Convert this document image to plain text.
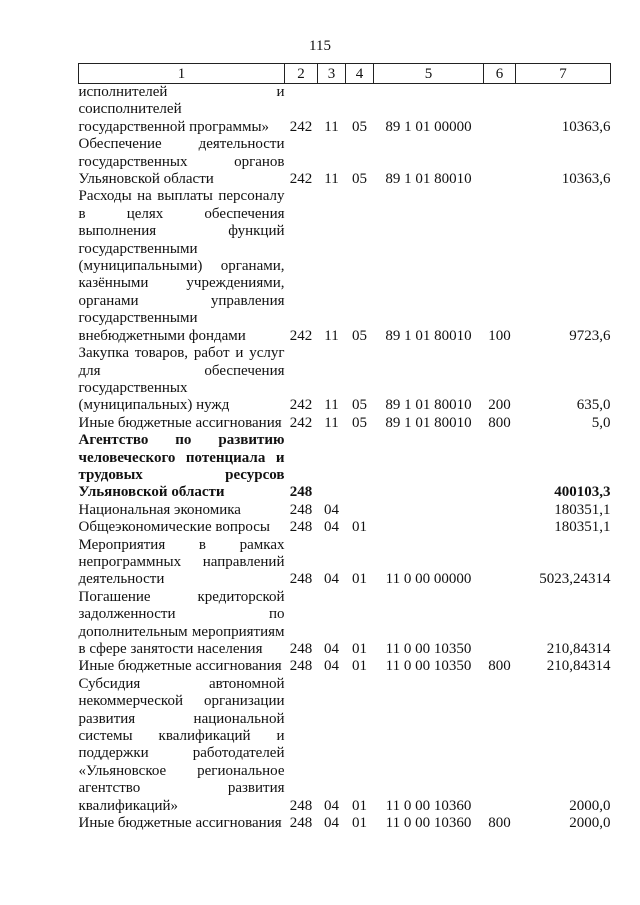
115
1	2	3	4	5	6	7
исполнителей и соисполнителей государственной программы»	242	11	05	89 1 01 00000		10363,6
Обеспечение деятельности государственных органов Ульяновской области	242	11	05	89 1 01 80010		10363,6
Расходы на выплаты персоналу в целях обеспечения выполнения функций государственными (муниципальными) органами, казёнными учреждениями, органами управления государственными внебюджетными фондами	242	11	05	89 1 01 80010	100	9723,6
Закупка товаров, работ и услуг для обеспечения государственных (муниципальных) нужд	242	11	05	89 1 01 80010	200	635,0
Иные бюджетные ассигнования	242	11	05	89 1 01 80010	800	5,0
Агентство по развитию человеческого потенциала и трудовых ресурсов Ульяновской области	248					400103,3
Национальная экономика	248	04				180351,1
Общеэкономические вопросы	248	04	01			180351,1
Мероприятия в рамках непрограммных направлений деятельности	248	04	01	11 0 00 00000		5023,24314
Погашение кредиторской задолженности по дополнительным мероприятиям в сфере занятости населения	248	04	01	11 0 00 10350		210,84314
Иные бюджетные ассигнования	248	04	01	11 0 00 10350	800	210,84314
Субсидия автономной некоммерческой организации развития национальной системы квалификаций и поддержки работодателей «Ульяновское региональное агентство развития квалификаций»	248	04	01	11 0 00 10360		2000,0
Иные бюджетные ассигнования	248	04	01	11 0 00 10360	800	2000,0
